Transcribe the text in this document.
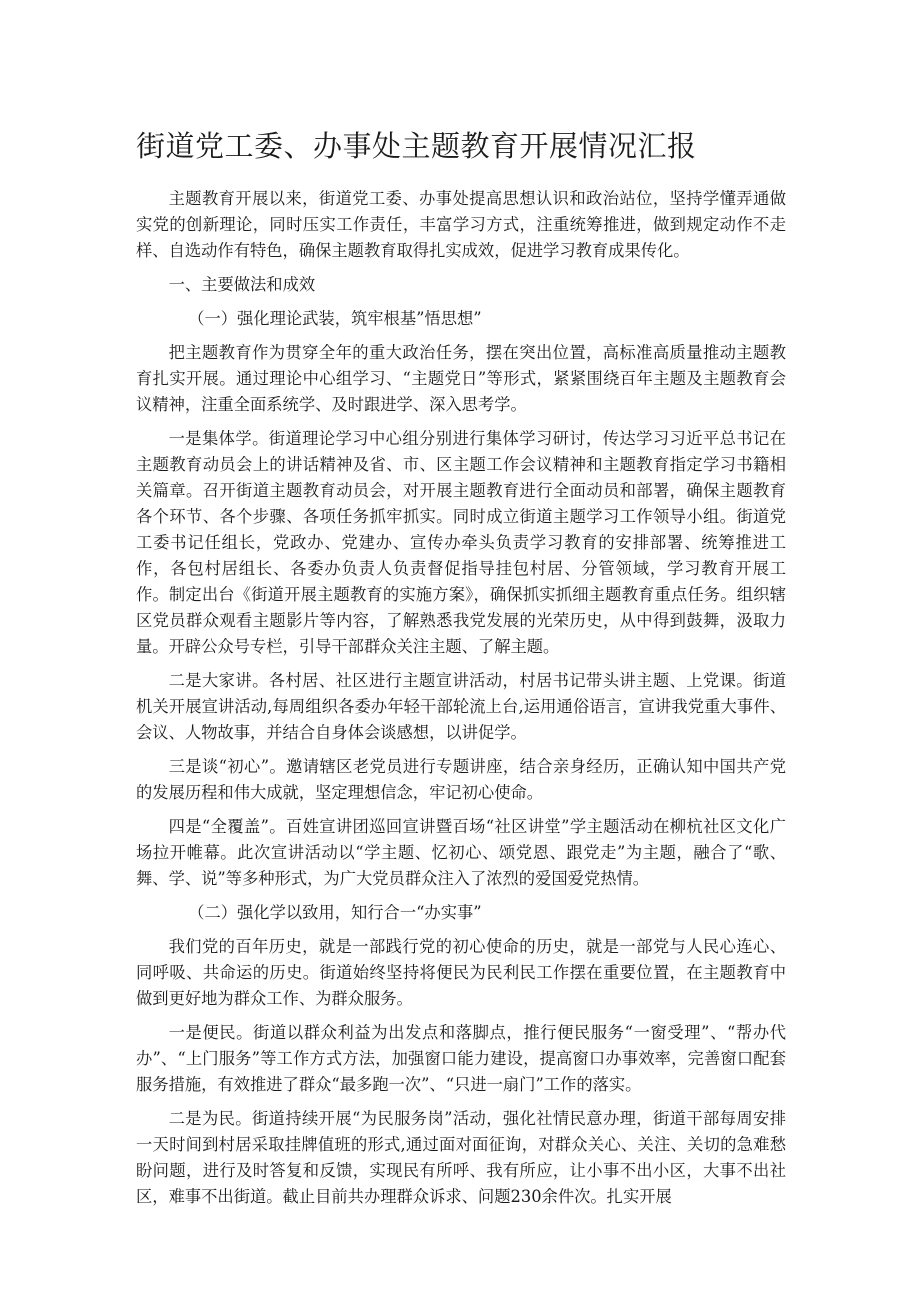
街道党工委、办事处主题教育开展情况汇报

主题教育开展以来，街道党工委、办事处提高思想认识和政治站位，坚持学懂弄通做实党的创新理论，同时压实工作责任，丰富学习方式，注重统筹推进，做到规定动作不走样、自选动作有特色，确保主题教育取得扎实成效，促进学习教育成果传化。

一、主要做法和成效

（一）强化理论武装，筑牢根基”悟思想”

把主题教育作为贯穿全年的重大政治任务，摆在突出位置，高标准高质量推动主题教育扎实开展。通过理论中心组学习、“主题党日”等形式，紧紧围绕百年主题及主题教育会议精神，注重全面系统学、及时跟进学、深入思考学。

一是集体学。街道理论学习中心组分别进行集体学习研讨，传达学习习近平总书记在主题教育动员会上的讲话精神及省、市、区主题工作会议精神和主题教育指定学习书籍相关篇章。召开街道主题教育动员会，对开展主题教育进行全面动员和部署，确保主题教育各个环节、各个步骤、各项任务抓牢抓实。同时成立街道主题学习工作领导小组。街道党工委书记任组长，党政办、党建办、宣传办牵头负责学习教育的安排部署、统筹推进工作，各包村居组长、各委办负责人负责督促指导挂包村居、分管领域，学习教育开展工作。制定出台《街道开展主题教育的实施方案》，确保抓实抓细主题教育重点任务。组织辖区党员群众观看主题影片等内容，了解熟悉我党发展的光荣历史，从中得到鼓舞，汲取力量。开辟公众号专栏，引导干部群众关注主题、了解主题。

二是大家讲。各村居、社区进行主题宣讲活动，村居书记带头讲主题、上党课。街道机关开展宣讲活动,每周组织各委办年轻干部轮流上台,运用通俗语言，宣讲我党重大事件、会议、人物故事，并结合自身体会谈感想，以讲促学。

三是谈“初心”。邀请辖区老党员进行专题讲座，结合亲身经历，正确认知中国共产党的发展历程和伟大成就，坚定理想信念，牢记初心使命。

四是“全覆盖”。百姓宣讲团巡回宣讲暨百场“社区讲堂”学主题活动在柳杭社区文化广场拉开帷幕。此次宣讲活动以“学主题、忆初心、颂党恩、跟党走”为主题，融合了“歌、舞、学、说”等多种形式，为广大党员群众注入了浓烈的爱国爱党热情。

（二）强化学以致用，知行合一“办实事”

我们党的百年历史，就是一部践行党的初心使命的历史，就是一部党与人民心连心、同呼吸、共命运的历史。街道始终坚持将便民为民利民工作摆在重要位置，在主题教育中做到更好地为群众工作、为群众服务。

一是便民。街道以群众利益为出发点和落脚点，推行便民服务“一窗受理”、“帮办代办”、“上门服务”等工作方式方法，加强窗口能力建设，提高窗口办事效率，完善窗口配套服务措施，有效推进了群众“最多跑一次”、“只进一扇门”工作的落实。

二是为民。街道持续开展“为民服务岗”活动，强化社情民意办理，街道干部每周安排一天时间到村居采取挂牌值班的形式,通过面对面征询，对群众关心、关注、关切的急难愁盼问题，进行及时答复和反馈，实现民有所呼、我有所应，让小事不出小区，大事不出社区，难事不出街道。截止目前共办理群众诉求、问题230余件次。扎实开展
